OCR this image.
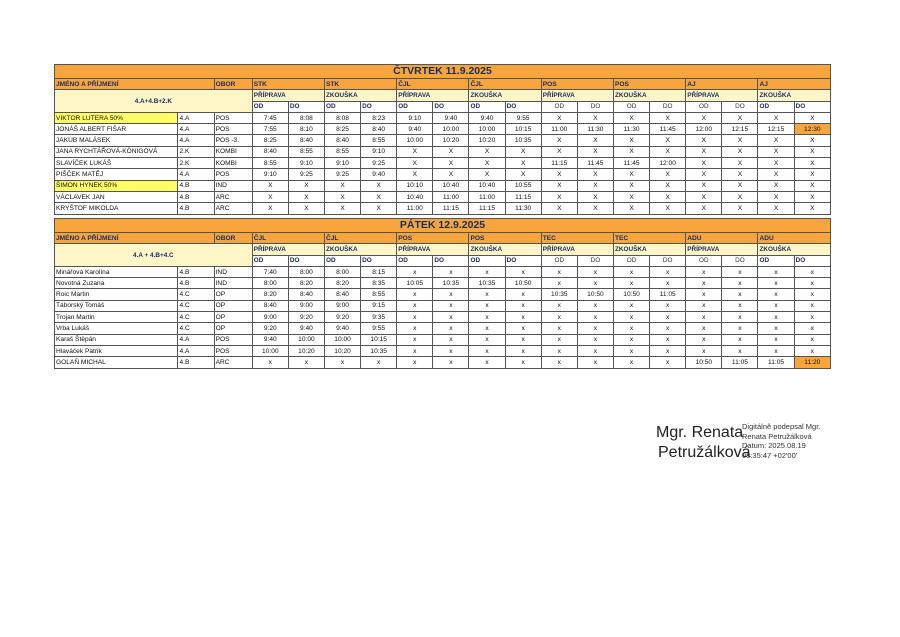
ČTVRTEK 11.9.2025																		
JMÉNO A PŘÍJMENÍ		OBOR	STK		STK		ČJL		ČJL		POS		POS		AJ		AJ	
4.A+4.B+2.K			PŘÍPRAVA		ZKOUŠKA		PŘÍPRAVA		ZKOUŠKA		PŘÍPRAVA		ZKOUŠKA		PŘÍPRAVA		ZKOUŠKA	
			OD	DO	OD	DO	OD	DO	OD	DO	OD	DO	OD	DO	OD	DO	OD	DO
VIKTOR LUTERA 50%	4.A	POS	7:45	8:08	8:08	8:23	9:10	9:40	9:40	9:55	X	X	X	X	X	X	X	X
JONÁŠ ALBERT FIŠAR	4.A	POS	7:55	8:10	8:25	8:40	9:40	10:00	10:00	10:15	11:00	11:30	11:30	11:45	12:00	12:15	12:15	12:30
JAKUB MALÁSEK	4.A	POS -3.	8:25	8:40	8:40	8:55	10:00	10:20	10:20	10:35	X	X	X	X	X	X	X	X
JANA RYCHTÁŘOVÁ-KÖNIGOVÁ	2.K	KOMBI	8:40	8:55	8:55	9:10	X	X	X	X	X	X	X	X	X	X	X	X
SLAVÍČEK LUKÁŠ	2.K	KOMBI	8:55	9:10	9:10	9:25	X	X	X	X	11:15	11:45	11:45	12:00	X	X	X	X
PIŠČEK MATĚJ	4.A	POS	9:10	9:25	9:25	9:40	X	X	X	X	X	X	X	X	X	X	X	X
ŠIMON HYNEK 50%	4.B	IND	X	X	X	X	10:10	10:40	10:40	10:55	X	X	X	X	X	X	X	X
VÁCLAVEK JAN	4.B	ARC	X	X	X	X	10:40	11:00	11:00	11:15	X	X	X	X	X	X	X	X
KRYŠTOF MIKOLDA	4.B	ARC	X	X	X	X	11:00	11:15	11:15	11:30	X	X	X	X	X	X	X	X
PÁTEK 12.9.2025																		
JMÉNO A PŘÍJMENÍ		OBOR	ČJL		ČJL		POS		POS		TEC		TEC		ADU		ADU	
4.A + 4.B+4.C			PŘÍPRAVA		ZKOUŠKA		PŘÍPRAVA		ZKOUŠKA		PŘÍPRAVA		ZKOUŠKA		PŘÍPRAVA		ZKOUŠKA	
			OD	DO	OD	DO	OD	DO	OD	DO	OD	DO	OD	DO	OD	DO	OD	DO
Minářová Karolína	4.B	IND	7:40	8:00	8:00	8:15	x	x	x	x	x	x	x	x	x	x	x	x
Novotná Zuzana	4.B	IND	8:00	8:20	8:20	8:35	10:05	10:35	10:35	10:50	x	x	x	x	x	x	x	x
Roic Martin	4.C	OP	8:20	8:40	8:40	8:55	x	x	x	x	10:35	10:50	10:50	11:05	x	x	x	x
Táborský Tomáš	4.C	OP	8:40	9:00	9:00	9:15	x	x	x	x	x	x	x	x	x	x	x	x
Trojan Martin	4.C	OP	9:00	9:20	9:20	9:35	x	x	x	x	x	x	x	x	x	x	x	x
Vrba Lukáš	4.C	OP	9:20	9:40	9:40	9:55	x	x	x	x	x	x	x	x	x	x	x	x
Karaš Štěpán	4.A	POS	9:40	10:00	10:00	10:15	x	x	x	x	x	x	x	x	x	x	x	x
Hlaváček Patrik	4.A	POS	10:00	10:20	10:20	10:35	x	x	x	x	x	x	x	x	x	x	x	x
GOLAŇ MICHAL	4.B	ARC	x	x	x	x	x	x	x	x	x	x	x	x	10:50	11:05	11:05	11:20
Mgr. Renata
Petružálková
Digitálně podepsal Mgr.
Renata Petružálková
Datum: 2025.08.19
08:35:47 +02'00'
